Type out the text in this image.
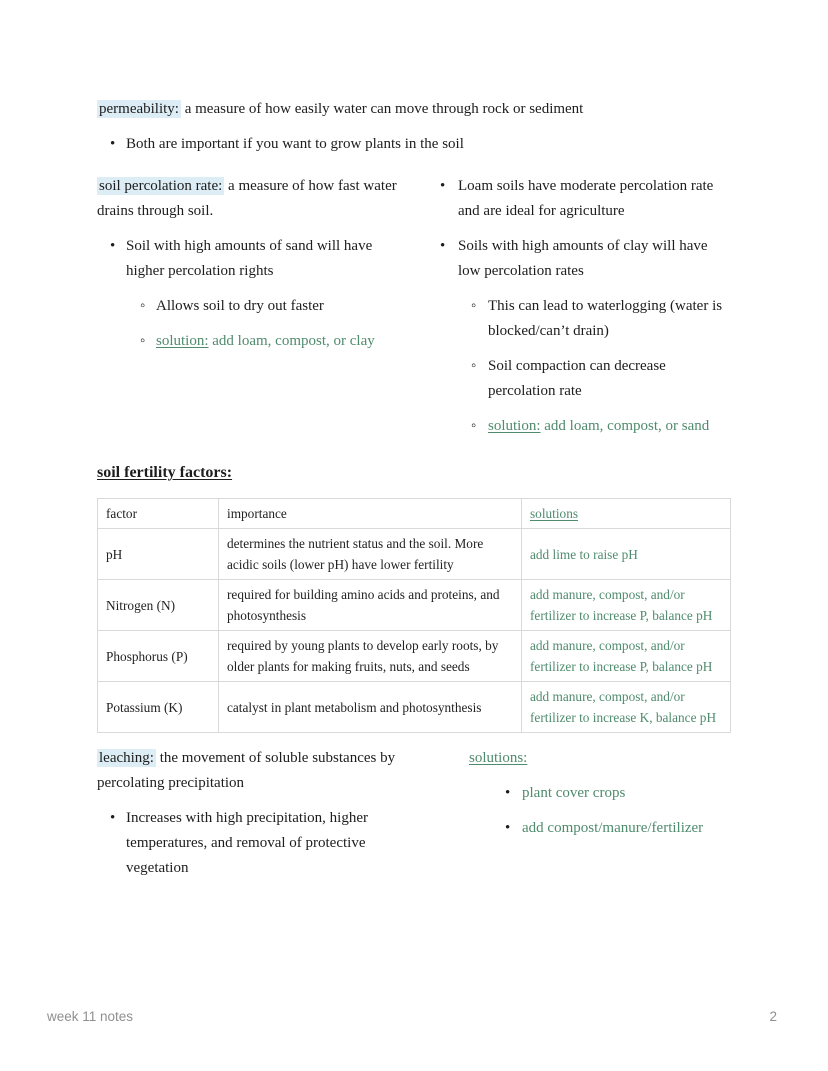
permeability: a measure of how easily water can move through rock or sediment

• Both are important if you want to grow plants in the soil

soil percolation rate: a measure of how fast water drains through soil.

• Soil with high amounts of sand will have higher percolation rights
◦ Allows soil to dry out faster
◦ solution: add loam, compost, or clay
• Loam soils have moderate percolation rate and are ideal for agriculture
• Soils with high amounts of clay will have low percolation rates
◦ This can lead to waterlogging (water is blocked/can’t drain)
◦ Soil compaction can decrease percolation rate
◦ solution: add loam, compost, or sand
soil fertility factors:
factor	importance	solutions
pH	determines the nutrient status and the soil. More acidic soils (lower pH) have lower fertility	add lime to raise pH
Nitrogen (N)	required for building amino acids and proteins, and photosynthesis	add manure, compost, and/or fertilizer to increase P, balance pH
Phosphorus (P)	required by young plants to develop early roots, by older plants for making fruits, nuts, and seeds	add manure, compost, and/or fertilizer to increase P, balance pH
Potassium (K)	catalyst in plant metabolism and photosynthesis	add manure, compost, and/or fertilizer to increase K, balance pH

leaching: the movement of soluble substances by percolating precipitation

• Increases with high precipitation, higher temperatures, and removal of protective vegetation

solutions:

• plant cover crops
• add compost/manure/fertilizer
week 11 notes	2
